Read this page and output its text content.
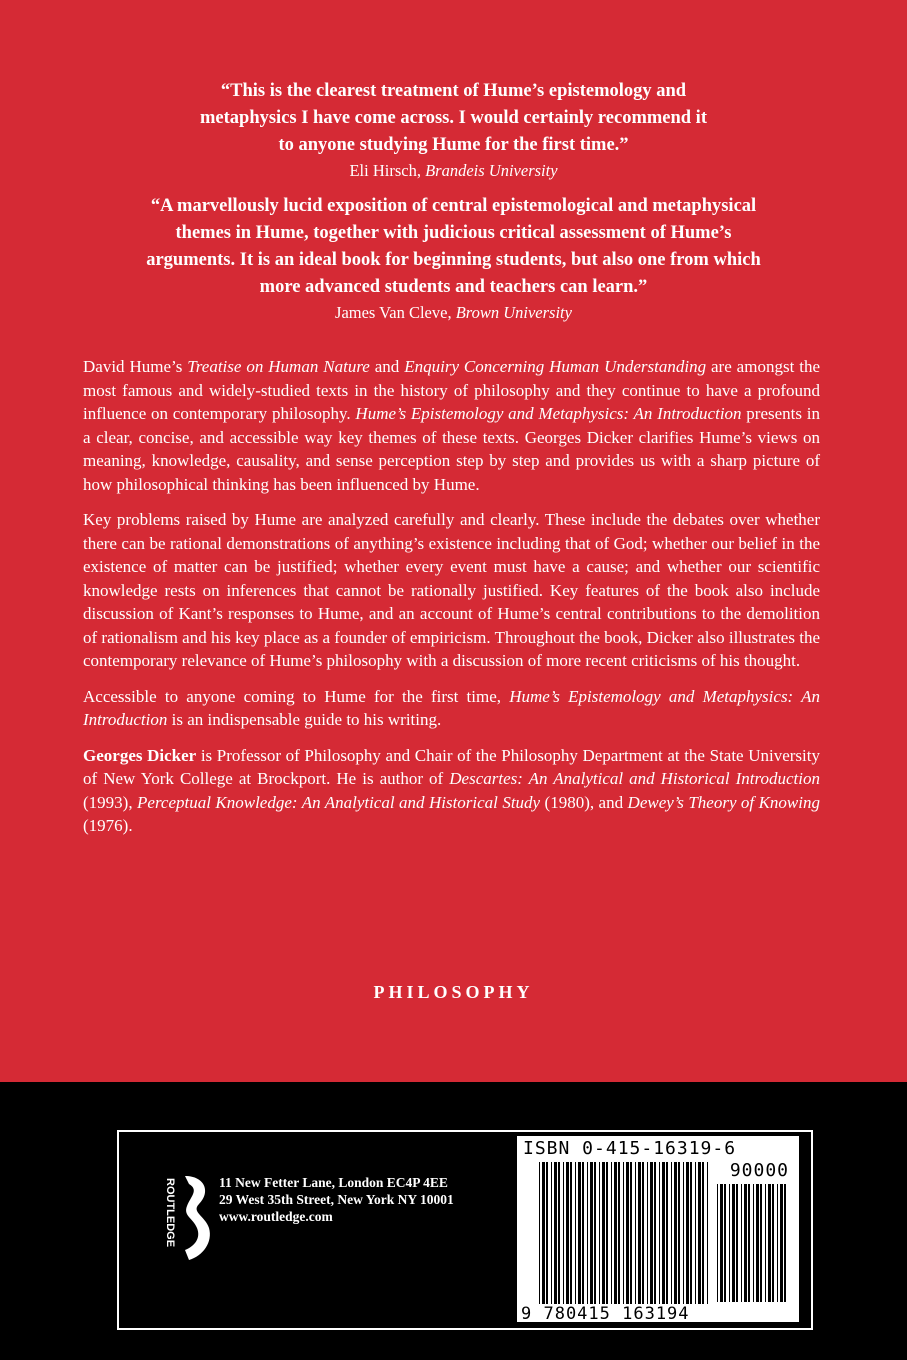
“This is the clearest treatment of Hume’s epistemology and

metaphysics I have come across. I would certainly recommend it

to anyone studying Hume for the first time.”

Eli Hirsch, Brandeis University

“A marvellously lucid exposition of central epistemological and metaphysical

themes in Hume, together with judicious critical assessment of Hume’s

arguments. It is an ideal book for beginning students, but also one from which

more advanced students and teachers can learn.”

James Van Cleve, Brown University

David Hume’s Treatise on Human Nature and Enquiry Concerning Human Understanding are amongst the most famous and widely-studied texts in the history of philosophy and they continue to have a profound influence on contemporary philosophy. Hume’s Epistemology and Metaphysics: An Introduction presents in a clear, concise, and accessible way key themes of these texts. Georges Dicker clarifies Hume’s views on meaning, knowledge, causality, and sense perception step by step and provides us with a sharp picture of how philosophical thinking has been influenced by Hume.

Key problems raised by Hume are analyzed carefully and clearly. These include the debates over whether there can be rational demonstrations of anything’s existence including that of God; whether our belief in the existence of matter can be justified; whether every event must have a cause; and whether our scientific knowledge rests on inferences that cannot be rationally justified. Key features of the book also include discussion of Kant’s responses to Hume, and an account of Hume’s central contributions to the demolition of rationalism and his key place as a founder of empiricism. Throughout the book, Dicker also illustrates the contemporary relevance of Hume’s philosophy with a discussion of more recent criticisms of his thought.

Accessible to anyone coming to Hume for the first time, Hume’s Epistemology and Metaphysics: An Introduction is an indispensable guide to his writing.

Georges Dicker is Professor of Philosophy and Chair of the Philosophy Department at the State University of New York College at Brockport. He is author of Descartes: An Analytical and Historical Introduction (1993), Perceptual Knowledge: An Analytical and Historical Study (1980), and Dewey’s Theory of Knowing (1976).

PHILOSOPHY
ROUTLEDGE	11 New Fetter Lane, London EC4P 4EE
29 West 35th Street, New York NY 10001
www.routledge.com
ISBN 0-415-16319-6
90000
9 780415 163194
